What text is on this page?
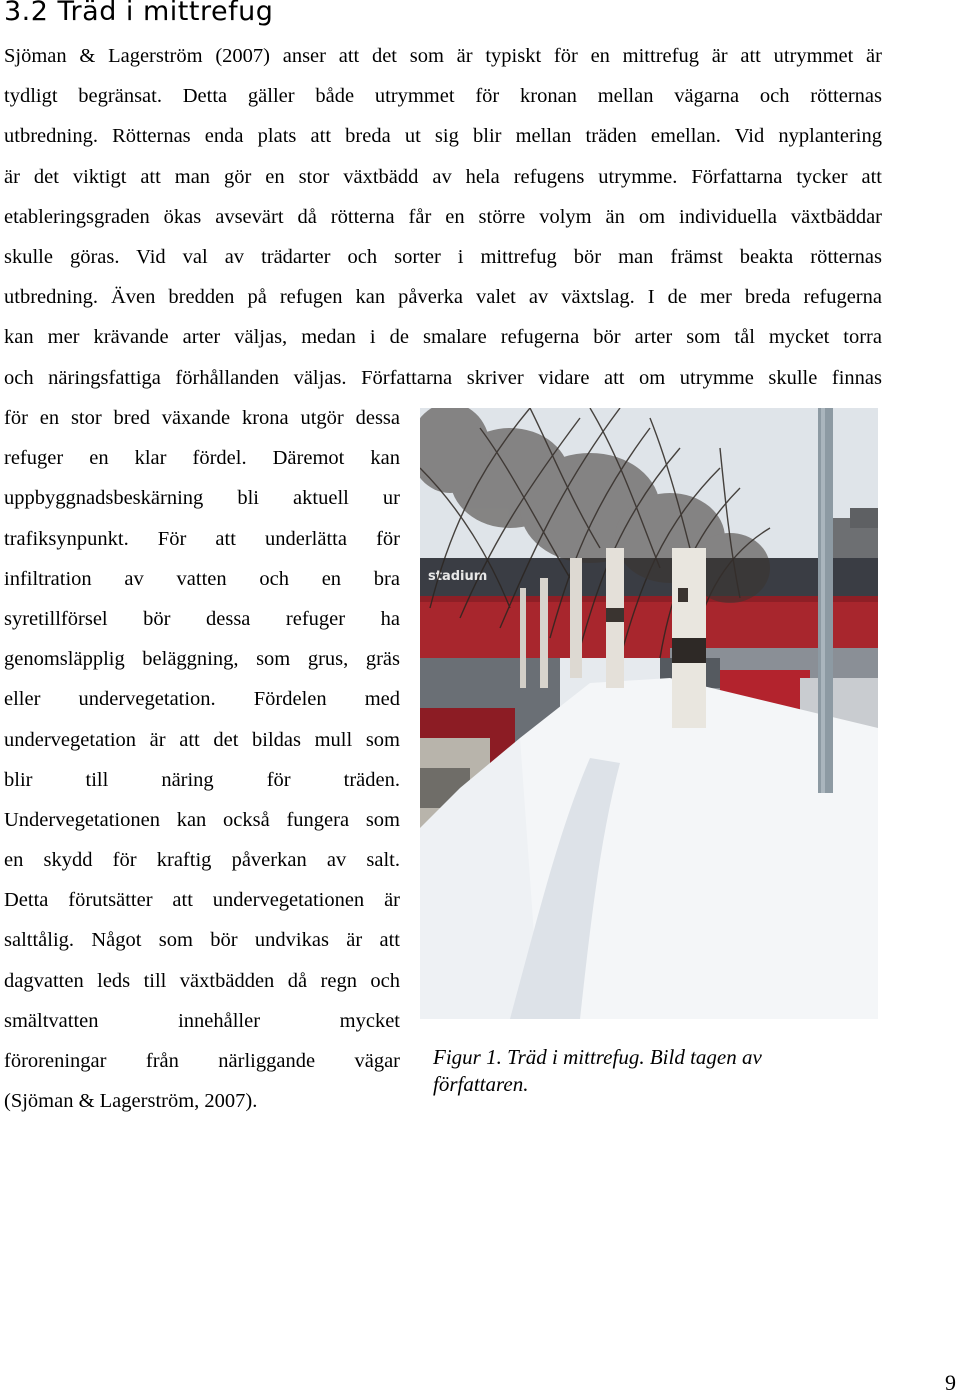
3.2 Träd i mittrefug
Sjöman & Lagerström (2007) anser att det som är typiskt för en mittrefug är att utrymmet är
tydligt begränsat. Detta gäller både utrymmet för kronan mellan vägarna och rötternas
utbredning. Rötternas enda plats att breda ut sig blir mellan träden emellan. Vid nyplantering
är det viktigt att man gör en stor växtbädd av hela refugens utrymme. Författarna tycker att
etableringsgraden ökas avsevärt då rötterna får en större volym än om individuella växtbäddar
skulle göras. Vid val av trädarter och sorter i mittrefug bör man främst beakta rötternas
utbredning. Även bredden på refugen kan påverka valet av växtslag. I de mer breda refugerna
kan mer krävande arter väljas, medan i de smalare refugerna bör arter som tål mycket torra
och näringsfattiga förhållanden väljas. Författarna skriver vidare att om utrymme skulle finnas
för en stor bred växande krona utgör dessa
refuger en klar fördel. Däremot kan
uppbyggnadsbeskärning bli aktuell ur
trafiksynpunkt. För att underlätta för
infiltration av vatten och en bra
syretillförsel bör dessa refuger ha
genomsläpplig beläggning, som grus, gräs
eller undervegetation. Fördelen med
undervegetation är att det bildas mull som
blir till näring för träden.
Undervegetationen kan också fungera som
en skydd för kraftig påverkan av salt.
Detta förutsätter att undervegetationen är
salttålig. Något som bör undvikas är att
dagvatten leds till växtbädden då regn och
smältvatten innehåller mycket
föroreningar från närliggande vägar
(Sjöman & Lagerström, 2007).
stadium
Figur 1. Träd i mittrefug. Bild tagen av författaren.
9
